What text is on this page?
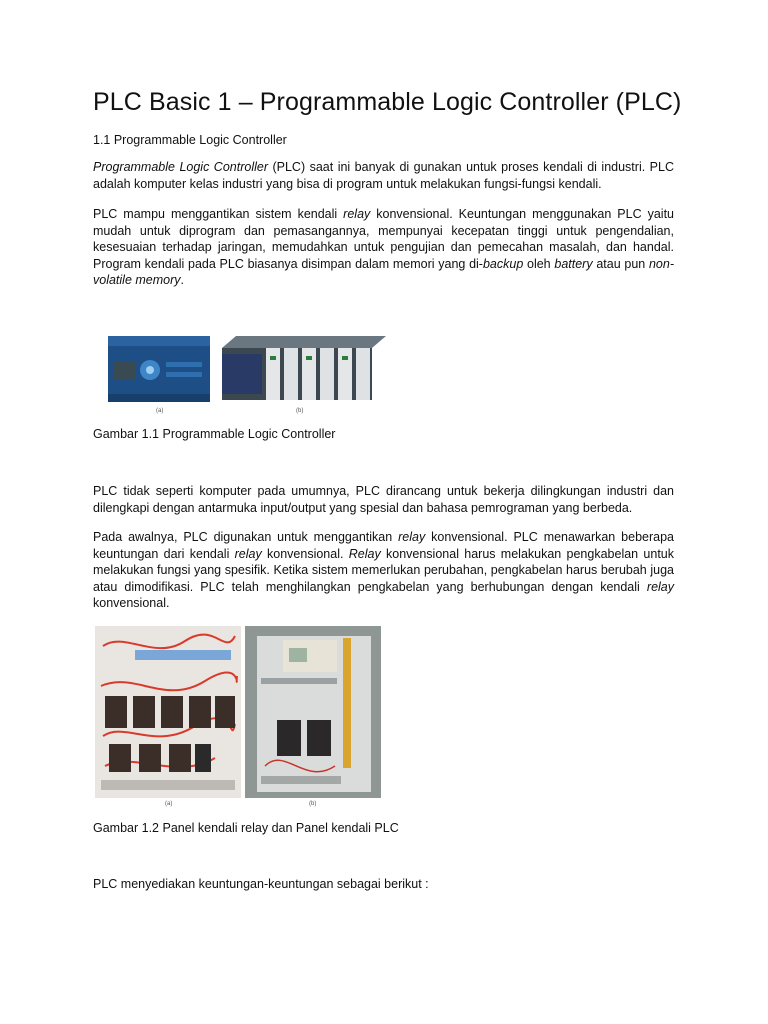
PLC Basic 1 – Programmable Logic Controller (PLC)
1.1 Programmable Logic Controller

Programmable Logic Controller (PLC) saat ini banyak di gunakan untuk proses kendali di industri. PLC adalah komputer kelas industri yang bisa di program untuk melakukan fungsi-fungsi kendali.

PLC mampu menggantikan sistem kendali relay konvensional. Keuntungan menggunakan PLC yaitu mudah untuk diprogram dan pemasangannya, mempunyai kecepatan tinggi untuk pengendalian, kesesuaian terhadap jaringan, memudahkan untuk pengujian dan pemecahan masalah, dan handal. Program kendali pada PLC biasanya disimpan dalam memori yang di-backup oleh battery atau pun non-volatile memory.

(a)	(b)
Gambar 1.1 Programmable Logic Controller

PLC tidak seperti komputer pada umumnya, PLC dirancang untuk bekerja dilingkungan industri dan dilengkapi dengan antarmuka input/output yang spesial dan bahasa pemrograman yang berbeda.

Pada awalnya, PLC digunakan untuk menggantikan relay konvensional. PLC menawarkan beberapa keuntungan dari kendali relay konvensional. Relay konvensional harus melakukan pengkabelan untuk melakukan fungsi yang spesifik. Ketika sistem memerlukan perubahan, pengkabelan harus berubah juga atau dimodifikasi. PLC telah menghilangkan pengkabelan yang berhubungan dengan kendali relay konvensional.

(a)	(b)
Gambar 1.2 Panel kendali relay dan Panel kendali PLC

PLC menyediakan keuntungan-keuntungan sebagai berikut :
